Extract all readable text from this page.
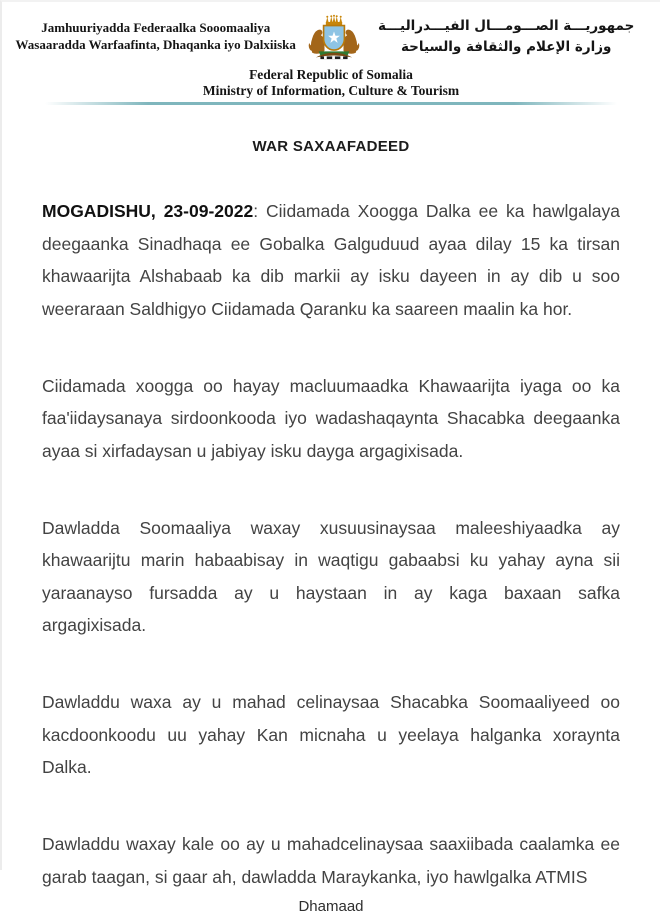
Jamhuuriyadda Federaalka Sooomaaliya
Wasaaradda Warfaafinta, Dhaqanka iyo Dalxiiska
جمهوريـــة الصـــومـــال الفيـــدراليـــة
وزارة الإعلام والثقافة والسياحة
Federal Republic of Somalia
Ministry of Information, Culture & Tourism
WAR SAXAAFADEED

MOGADISHU, 23-09-2022: Ciidamada Xoogga Dalka ee ka hawlgalaya deegaanka Sinadhaqa ee Gobalka Galguduud ayaa dilay 15 ka tirsan khawaarijta Alshabaab ka dib markii ay isku dayeen in ay dib u soo weeraraan Saldhigyo Ciidamada Qaranku ka saareen maalin ka hor.

Ciidamada xoogga oo hayay macluumaadka Khawaarijta iyaga oo ka faa'iidaysanaya sirdoonkooda iyo wadashaqaynta Shacabka deegaanka ayaa si xirfadaysan u jabiyay isku dayga argagixisada.

Dawladda Soomaaliya waxay xusuusinaysaa maleeshiyaadka ay khawaarijtu marin habaabisay in waqtigu gabaabsi ku yahay ayna sii yaraanayso fursadda ay u haystaan in ay kaga baxaan safka argagixisada.

Dawladdu waxa ay u mahad celinaysaa Shacabka Soomaaliyeed oo kacdoonkoodu uu yahay Kan micnaha u yeelaya halganka xoraynta Dalka.

Dawladdu waxay kale oo ay u mahadcelinaysaa saaxiibada caalamka ee garab taagan, si gaar ah, dawladda Maraykanka, iyo hawlgalka ATMIS

Dhamaad
